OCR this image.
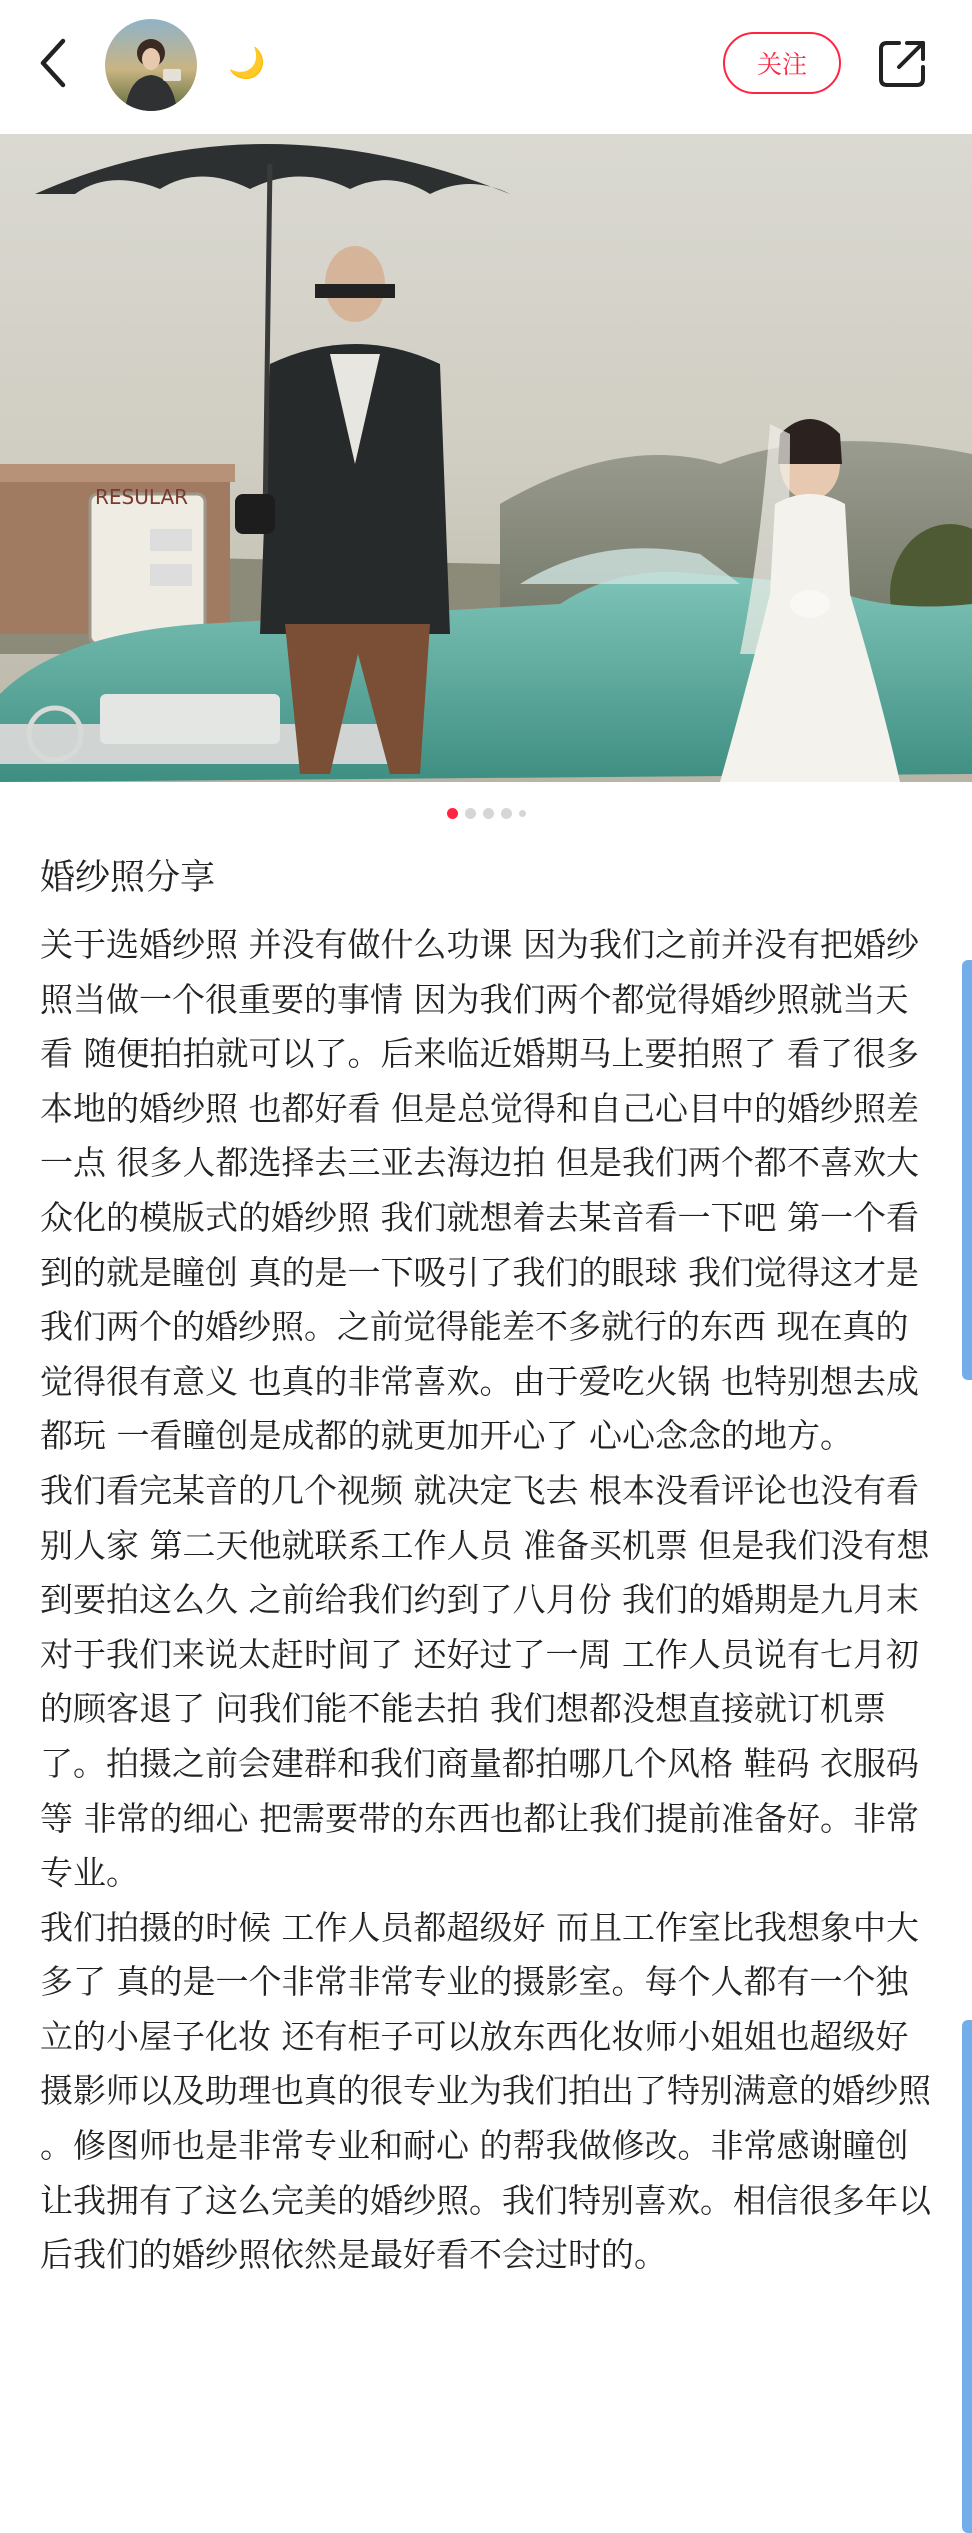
🌙	关注
RESULAR
婚纱照分享

关于选婚纱照 并没有做什么功课 因为我们之前并没有把婚纱照当做一个很重要的事情 因为我们两个都觉得婚纱照就当天看 随便拍拍就可以了。后来临近婚期马上要拍照了 看了很多本地的婚纱照 也都好看 但是总觉得和自己心目中的婚纱照差一点 很多人都选择去三亚去海边拍 但是我们两个都不喜欢大众化的模版式的婚纱照 我们就想着去某音看一下吧 第一个看到的就是瞳创 真的是一下吸引了我们的眼球 我们觉得这才是我们两个的婚纱照。之前觉得能差不多就行的东西 现在真的觉得很有意义 也真的非常喜欢。由于爱吃火锅 也特别想去成都玩 一看瞳创是成都的就更加开心了 心心念念的地方。
我们看完某音的几个视频 就决定飞去 根本没看评论也没有看别人家 第二天他就联系工作人员 准备买机票 但是我们没有想到要拍这么久 之前给我们约到了八月份 我们的婚期是九月末 对于我们来说太赶时间了 还好过了一周 工作人员说有七月初的顾客退了 问我们能不能去拍 我们想都没想直接就订机票了。拍摄之前会建群和我们商量都拍哪几个风格 鞋码 衣服码等 非常的细心 把需要带的东西也都让我们提前准备好。非常专业。
我们拍摄的时候 工作人员都超级好 而且工作室比我想象中大多了 真的是一个非常非常专业的摄影室。每个人都有一个独立的小屋子化妆 还有柜子可以放东西化妆师小姐姐也超级好 摄影师以及助理也真的很专业为我们拍出了特别满意的婚纱照 。修图师也是非常专业和耐心 的帮我做修改。非常感谢瞳创 让我拥有了这么完美的婚纱照。我们特别喜欢。相信很多年以后我们的婚纱照依然是最好看不会过时的。
